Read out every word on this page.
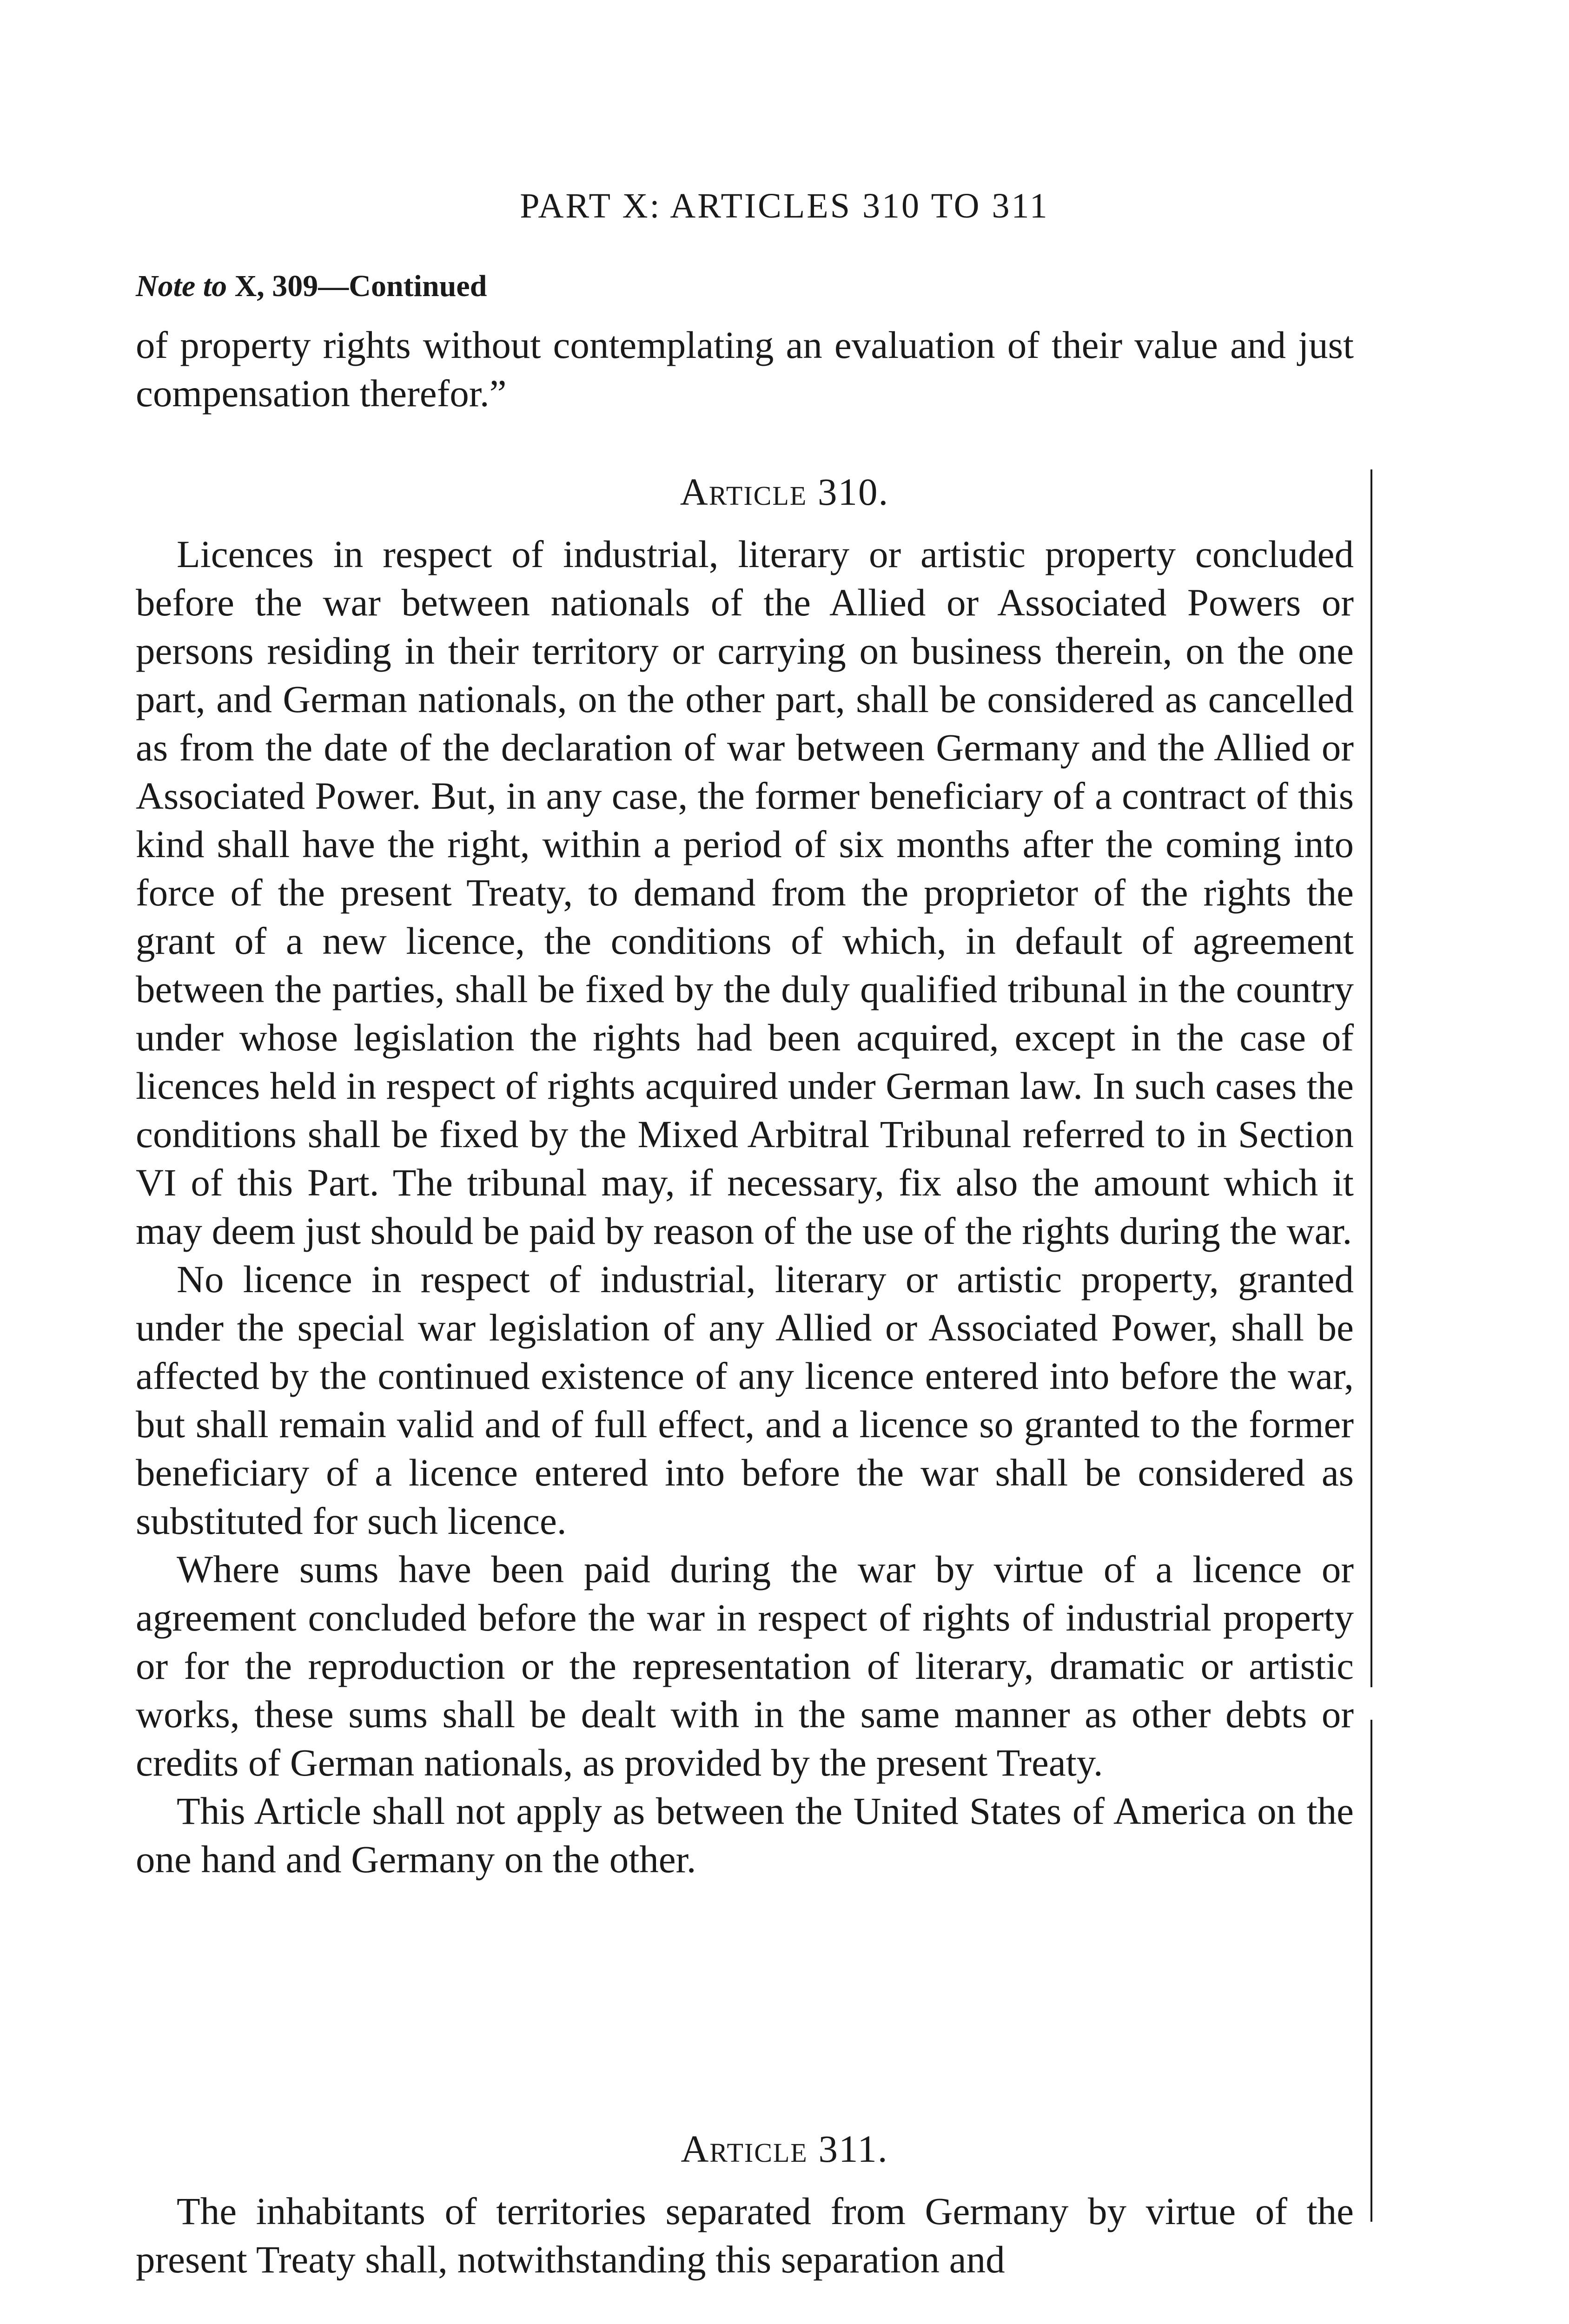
PART X: ARTICLES 310 TO 311
Note to X, 309—Continued

of property rights without contemplating an evaluation of their value and just compensation therefor.”

Article 310.

Licences in respect of industrial, literary or artistic property concluded before the war between nationals of the Allied or Associated Powers or persons residing in their territory or carrying on business therein, on the one part, and German nationals, on the other part, shall be considered as cancelled as from the date of the declaration of war between Germany and the Allied or Associated Power. But, in any case, the former beneficiary of a contract of this kind shall have the right, within a period of six months after the coming into force of the present Treaty, to demand from the proprietor of the rights the grant of a new licence, the conditions of which, in default of agreement between the parties, shall be fixed by the duly qualified tribunal in the country under whose legislation the rights had been acquired, except in the case of licences held in respect of rights acquired under German law. In such cases the conditions shall be fixed by the Mixed Arbitral Tribunal referred to in Section VI of this Part. The tribunal may, if necessary, fix also the amount which it may deem just should be paid by reason of the use of the rights during the war.

No licence in respect of industrial, literary or artistic property, granted under the special war legislation of any Allied or Associated Power, shall be affected by the continued existence of any licence entered into before the war, but shall remain valid and of full effect, and a licence so granted to the former beneficiary of a licence entered into before the war shall be considered as substituted for such licence.

Where sums have been paid during the war by virtue of a licence or agreement concluded before the war in respect of rights of industrial property or for the reproduction or the representation of literary, dramatic or artistic works, these sums shall be dealt with in the same manner as other debts or credits of German nationals, as provided by the present Treaty.

This Article shall not apply as between the United States of America on the one hand and Germany on the other.

Article 311.

The inhabitants of territories separated from Germany by virtue of the present Treaty shall, notwithstanding this separation and
